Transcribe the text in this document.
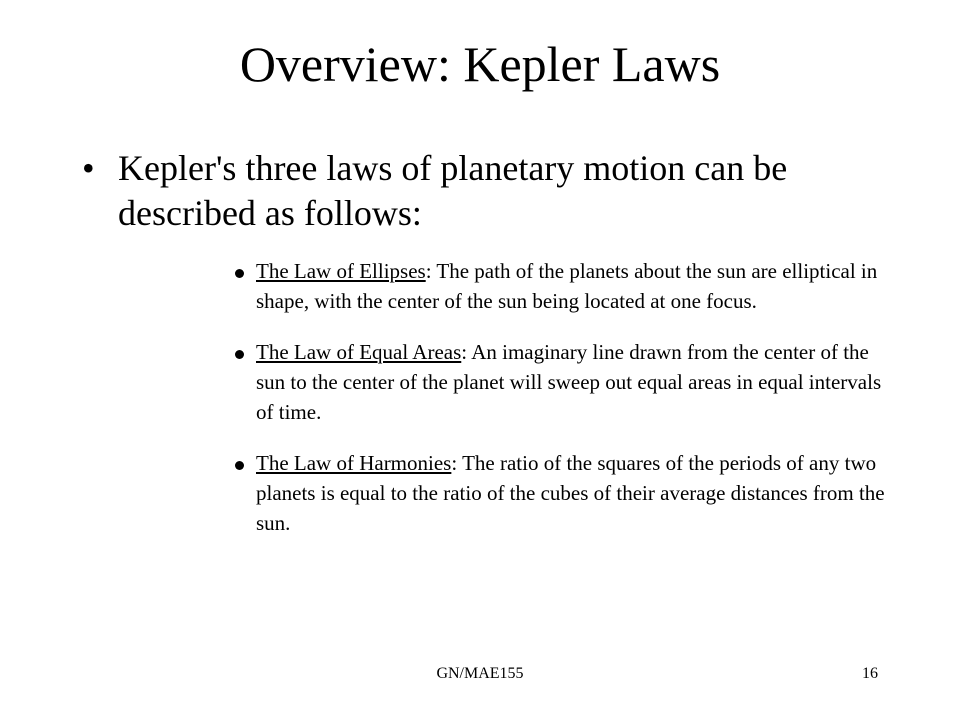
Overview: Kepler Laws
• Kepler's three laws of planetary motion can be described as follows:
The Law of Ellipses: The path of the planets about the sun are elliptical in shape, with the center of the sun being located at one focus.
The Law of Equal Areas: An imaginary line drawn from the center of the sun to the center of the planet will sweep out equal areas in equal intervals of time.
The Law of Harmonies: The ratio of the squares of the periods of any two planets is equal to the ratio of the cubes of their average distances from the sun.
GN/MAE155	16
